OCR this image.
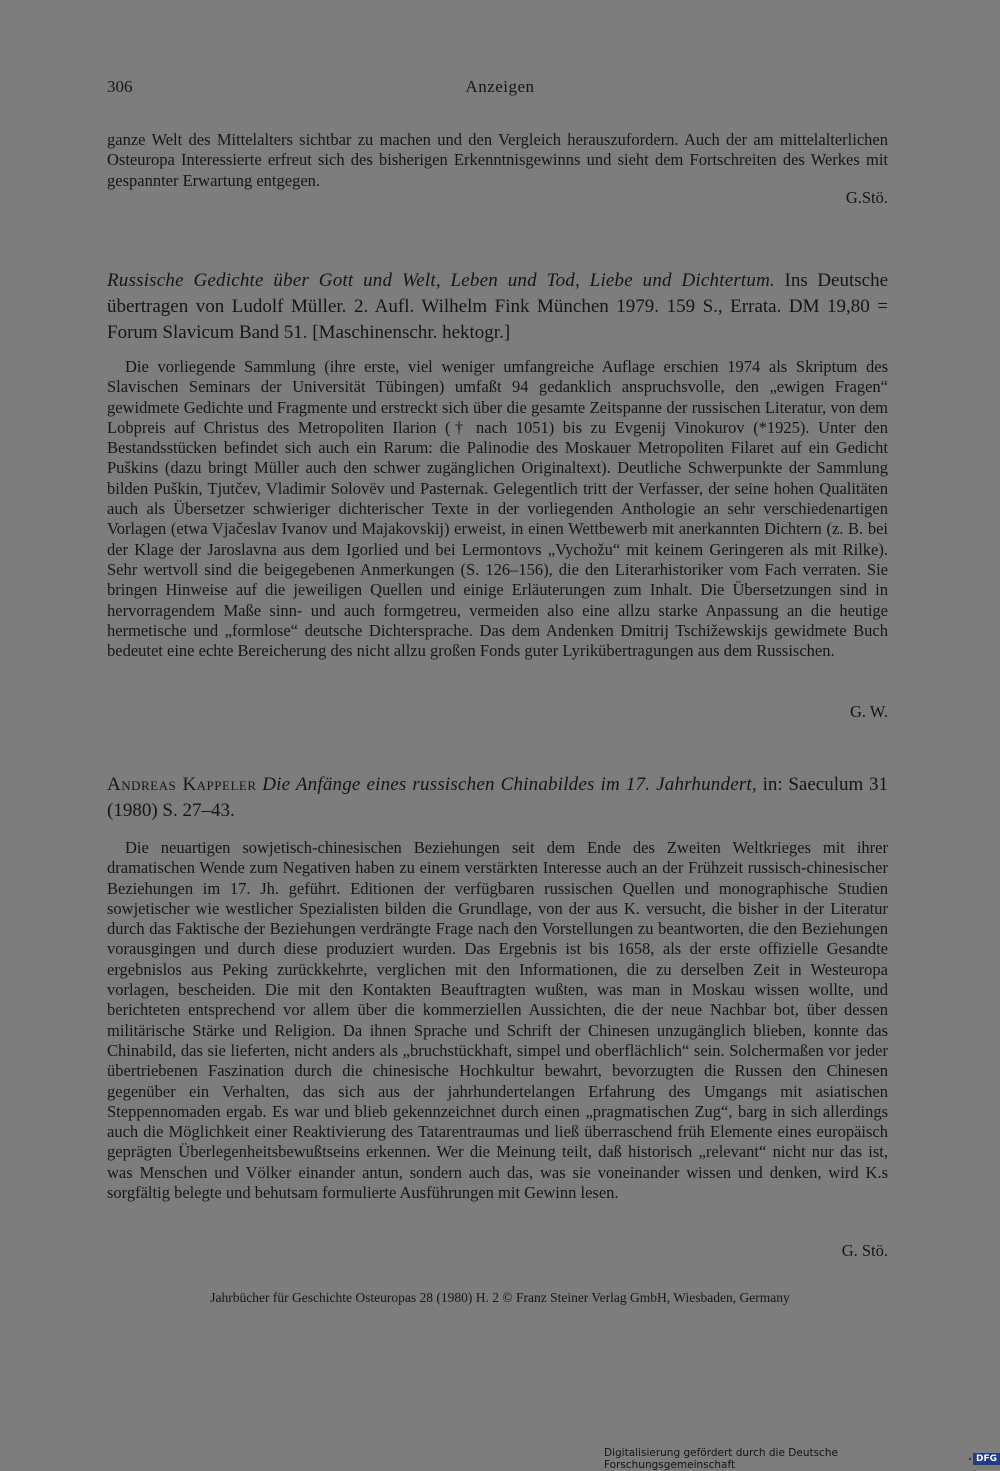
306	Anzeigen

ganze Welt des Mittelalters sichtbar zu machen und den Vergleich herauszufordern. Auch der am mittelalterlichen Osteuropa Interessierte erfreut sich des bisherigen Erkenntnisgewinns und sieht dem Fortschreiten des Werkes mit gespannter Erwartung entgegen.

G.Stö.
Russische Gedichte über Gott und Welt, Leben und Tod, Liebe und Dichtertum. Ins Deutsche übertragen von Ludolf Müller. 2. Aufl. Wilhelm Fink München 1979. 159 S., Errata. DM 19,80 = Forum Slavicum Band 51. [Maschinenschr. hektogr.]

Die vorliegende Sammlung (ihre erste, viel weniger umfangreiche Auflage erschien 1974 als Skriptum des Slavischen Seminars der Universität Tübingen) umfaßt 94 gedanklich anspruchsvolle, den „ewigen Fragen“ gewidmete Gedichte und Fragmente und erstreckt sich über die gesamte Zeitspanne der russischen Literatur, von dem Lobpreis auf Christus des Metropoliten Ilarion († nach 1051) bis zu Evgenij Vinokurov (*1925). Unter den Bestandsstücken befindet sich auch ein Rarum: die Palinodie des Moskauer Metropoliten Filaret auf ein Gedicht Puškins (dazu bringt Müller auch den schwer zugänglichen Originaltext). Deutliche Schwerpunkte der Sammlung bilden Puškin, Tjutčev, Vladimir Solovëv und Pasternak. Gelegentlich tritt der Verfasser, der seine hohen Qualitäten auch als Übersetzer schwieriger dichterischer Texte in der vorliegenden Anthologie an sehr verschiedenartigen Vorlagen (etwa Vjačeslav Ivanov und Majakovskij) erweist, in einen Wettbewerb mit anerkannten Dichtern (z. B. bei der Klage der Jaroslavna aus dem Igorlied und bei Lermontovs „Vychožu“ mit keinem Geringeren als mit Rilke). Sehr wertvoll sind die beigegebenen Anmerkungen (S. 126–156), die den Literarhistoriker vom Fach verraten. Sie bringen Hinweise auf die jeweiligen Quellen und einige Erläuterungen zum Inhalt. Die Übersetzungen sind in hervorragendem Maße sinn- und auch formgetreu, vermeiden also eine allzu starke Anpassung an die heutige hermetische und „formlose“ deutsche Dichtersprache. Das dem Andenken Dmitrij Tschižewskijs gewidmete Buch bedeutet eine echte Bereicherung des nicht allzu großen Fonds guter Lyrikübertragungen aus dem Russischen.

G. W.
Andreas Kappeler Die Anfänge eines russischen Chinabildes im 17. Jahrhundert, in: Saeculum 31 (1980) S. 27–43.

Die neuartigen sowjetisch-chinesischen Beziehungen seit dem Ende des Zweiten Weltkrieges mit ihrer dramatischen Wende zum Negativen haben zu einem verstärkten Interesse auch an der Frühzeit russisch-chinesischer Beziehungen im 17. Jh. geführt. Editionen der verfügbaren russischen Quellen und monographische Studien sowjetischer wie westlicher Spezialisten bilden die Grundlage, von der aus K. versucht, die bisher in der Literatur durch das Faktische der Beziehungen verdrängte Frage nach den Vorstellungen zu beantworten, die den Beziehungen vorausgingen und durch diese produziert wurden. Das Ergebnis ist bis 1658, als der erste offizielle Gesandte ergebnislos aus Peking zurückkehrte, verglichen mit den Informationen, die zu derselben Zeit in Westeuropa vorlagen, bescheiden. Die mit den Kontakten Beauftragten wußten, was man in Moskau wissen wollte, und berichteten entsprechend vor allem über die kommerziellen Aussichten, die der neue Nachbar bot, über dessen militärische Stärke und Religion. Da ihnen Sprache und Schrift der Chinesen unzugänglich blieben, konnte das Chinabild, das sie lieferten, nicht anders als „bruchstückhaft, simpel und oberflächlich“ sein. Solchermaßen vor jeder übertriebenen Faszination durch die chinesische Hochkultur bewahrt, bevorzugten die Russen den Chinesen gegenüber ein Verhalten, das sich aus der jahrhundertelangen Erfahrung des Umgangs mit asiatischen Steppennomaden ergab. Es war und blieb gekennzeichnet durch einen „pragmatischen Zug“, barg in sich allerdings auch die Möglichkeit einer Reaktivierung des Tatarentraumas und ließ überraschend früh Elemente eines europäisch geprägten Überlegenheitsbewußtseins erkennen. Wer die Meinung teilt, daß historisch „relevant“ nicht nur das ist, was Menschen und Völker einander antun, sondern auch das, was sie voneinander wissen und denken, wird K.s sorgfältig belegte und behutsam formulierte Ausführungen mit Gewinn lesen.

G. Stö.
Jahrbücher für Geschichte Osteuropas 28 (1980) H. 2 © Franz Steiner Verlag GmbH, Wiesbaden, Germany
Digitalisierung gefördert durch die Deutsche Forschungsgemeinschaft	DFG
